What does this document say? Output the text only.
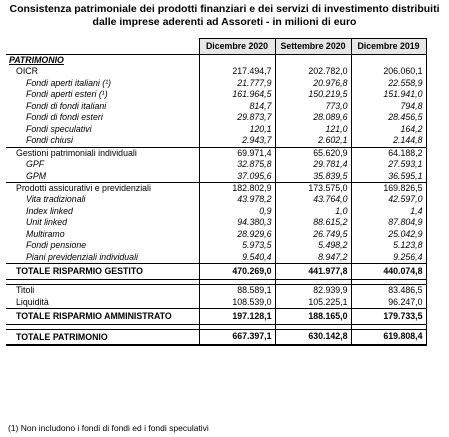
Consistenza patrimoniale dei prodotti finanziari e dei servizi di investimento distribuiti
dalle imprese aderenti ad Assoreti - in milioni di euro
	Dicembre 2020	Settembre 2020	Dicembre 2019
PATRIMONIO			
OICR	217.494,7	202.782,0	206.060,1
Fondi aperti italiani (¹)	21.777,9	20.976,8	22.558,9
Fondi aperti esteri (¹)	161.964,5	150.219,5	151.941,0
Fondi di fondi italiani	814,7	773,0	794,8
Fondi di fondi esteri	29.873,7	28.089,6	28.456,5
Fondi speculativi	120,1	121,0	164,2
Fondi chiusi	2.943,7	2.602,1	2.144,8
Gestioni patrimoniali individuali	69.971,4	65.620,9	64.188,2
GPF	32.875,8	29.781,4	27.593,1
GPM	37.095,6	35.839,5	36.595,1
Prodotti assicurativi e previdenziali	182.802,9	173.575,0	169.826,5
Vita tradizionali	43.978,2	43.764,0	42.597,0
Index linked	0,9	1,0	1,4
Unit linked	94.380,3	88.615,2	87.804,9
Multiramo	28.929,6	26.749,5	25.042,9
Fondi pensione	5.973,5	5.498,2	5.123,8
Piani previdenziali individuali	9.540,4	8.947,2	9.256,4
TOTALE RISPARMIO GESTITO	470.269,0	441.977,8	440.074,8

Titoli	88.589,1	82.939,9	83.486,5
Liquidità	108.539,0	105.225,1	96.247,0
TOTALE RISPARMIO AMMINISTRATO	197.128,1	188.165,0	179.733,5

TOTALE PATRIMONIO	667.397,1	630.142,8	619.808,4
(1) Non includono i fondi di fondi ed i fondi speculativi
